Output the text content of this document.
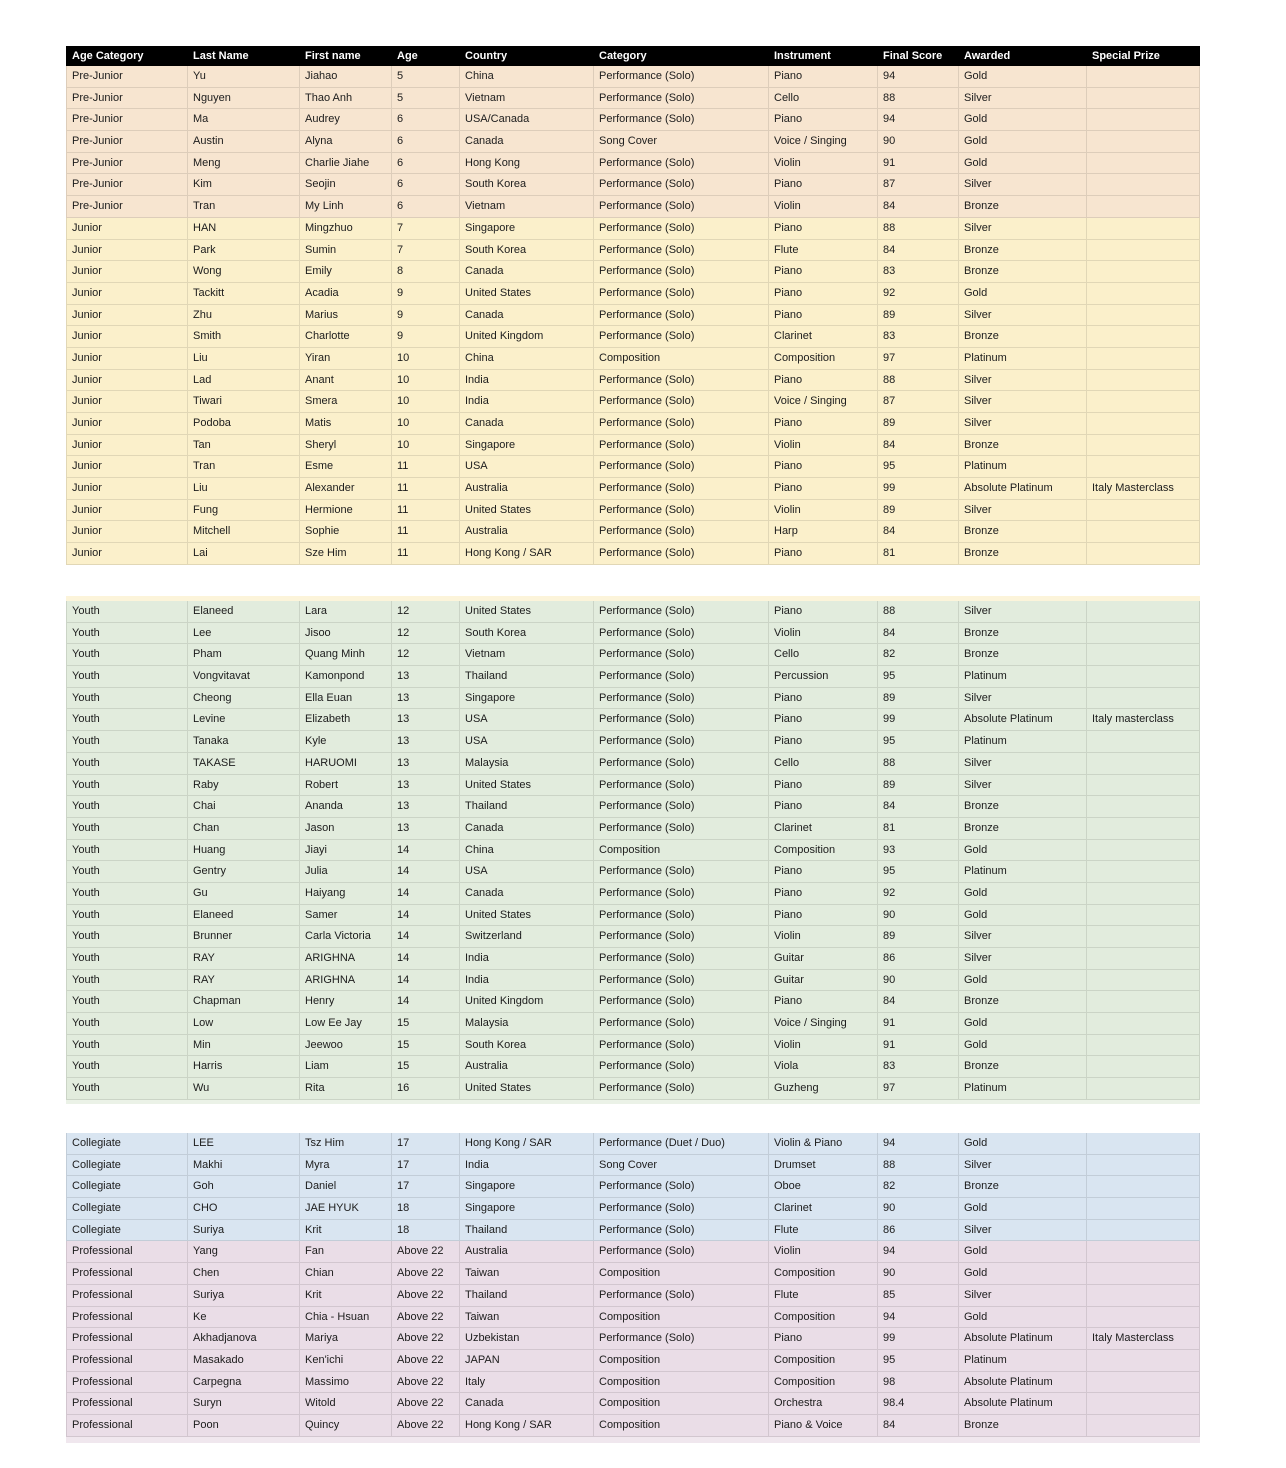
Age Category	Last Name	First name	Age	Country	Category	Instrument	Final Score	Awarded	Special Prize
Pre-Junior	Yu	Jiahao	5	China	Performance (Solo)	Piano	94	Gold
Pre-Junior	Nguyen	Thao Anh	5	Vietnam	Performance (Solo)	Cello	88	Silver
Pre-Junior	Ma	Audrey	6	USA/Canada	Performance (Solo)	Piano	94	Gold
Pre-Junior	Austin	Alyna	6	Canada	Song Cover	Voice / Singing	90	Gold
Pre-Junior	Meng	Charlie Jiahe	6	Hong Kong	Performance (Solo)	Violin	91	Gold
Pre-Junior	Kim	Seojin	6	South Korea	Performance (Solo)	Piano	87	Silver
Pre-Junior	Tran	My Linh	6	Vietnam	Performance (Solo)	Violin	84	Bronze
Junior	HAN	Mingzhuo	7	Singapore	Performance (Solo)	Piano	88	Silver
Junior	Park	Sumin	7	South Korea	Performance (Solo)	Flute	84	Bronze
Junior	Wong	Emily	8	Canada	Performance (Solo)	Piano	83	Bronze
Junior	Tackitt	Acadia	9	United States	Performance (Solo)	Piano	92	Gold
Junior	Zhu	Marius	9	Canada	Performance (Solo)	Piano	89	Silver
Junior	Smith	Charlotte	9	United Kingdom	Performance (Solo)	Clarinet	83	Bronze
Junior	Liu	Yiran	10	China	Composition	Composition	97	Platinum
Junior	Lad	Anant	10	India	Performance (Solo)	Piano	88	Silver
Junior	Tiwari	Smera	10	India	Performance (Solo)	Voice / Singing	87	Silver
Junior	Podoba	Matis	10	Canada	Performance (Solo)	Piano	89	Silver
Junior	Tan	Sheryl	10	Singapore	Performance (Solo)	Violin	84	Bronze
Junior	Tran	Esme	11	USA	Performance (Solo)	Piano	95	Platinum
Junior	Liu	Alexander	11	Australia	Performance (Solo)	Piano	99	Absolute Platinum	Italy Masterclass
Junior	Fung	Hermione	11	United States	Performance (Solo)	Violin	89	Silver
Junior	Mitchell	Sophie	11	Australia	Performance (Solo)	Harp	84	Bronze
Junior	Lai	Sze Him	11	Hong Kong / SAR	Performance (Solo)	Piano	81	Bronze
Youth	Elaneed	Lara	12	United States	Performance (Solo)	Piano	88	Silver
Youth	Lee	Jisoo	12	South Korea	Performance (Solo)	Violin	84	Bronze
Youth	Pham	Quang Minh	12	Vietnam	Performance (Solo)	Cello	82	Bronze
Youth	Vongvitavat	Kamonpond	13	Thailand	Performance (Solo)	Percussion	95	Platinum
Youth	Cheong	Ella Euan	13	Singapore	Performance (Solo)	Piano	89	Silver
Youth	Levine	Elizabeth	13	USA	Performance (Solo)	Piano	99	Absolute Platinum	Italy masterclass
Youth	Tanaka	Kyle	13	USA	Performance (Solo)	Piano	95	Platinum
Youth	TAKASE	HARUOMI	13	Malaysia	Performance (Solo)	Cello	88	Silver
Youth	Raby	Robert	13	United States	Performance (Solo)	Piano	89	Silver
Youth	Chai	Ananda	13	Thailand	Performance (Solo)	Piano	84	Bronze
Youth	Chan	Jason	13	Canada	Performance (Solo)	Clarinet	81	Bronze
Youth	Huang	Jiayi	14	China	Composition	Composition	93	Gold
Youth	Gentry	Julia	14	USA	Performance (Solo)	Piano	95	Platinum
Youth	Gu	Haiyang	14	Canada	Performance (Solo)	Piano	92	Gold
Youth	Elaneed	Samer	14	United States	Performance (Solo)	Piano	90	Gold
Youth	Brunner	Carla Victoria	14	Switzerland	Performance (Solo)	Violin	89	Silver
Youth	RAY	ARIGHNA	14	India	Performance (Solo)	Guitar	86	Silver
Youth	RAY	ARIGHNA	14	India	Performance (Solo)	Guitar	90	Gold
Youth	Chapman	Henry	14	United Kingdom	Performance (Solo)	Piano	84	Bronze
Youth	Low	Low Ee Jay	15	Malaysia	Performance (Solo)	Voice / Singing	91	Gold
Youth	Min	Jeewoo	15	South Korea	Performance (Solo)	Violin	91	Gold
Youth	Harris	Liam	15	Australia	Performance (Solo)	Viola	83	Bronze
Youth	Wu	Rita	16	United States	Performance (Solo)	Guzheng	97	Platinum
Collegiate	LEE	Tsz Him	17	Hong Kong / SAR	Performance (Duet / Duo)	Violin & Piano	94	Gold
Collegiate	Makhi	Myra	17	India	Song Cover	Drumset	88	Silver
Collegiate	Goh	Daniel	17	Singapore	Performance (Solo)	Oboe	82	Bronze
Collegiate	CHO	JAE HYUK	18	Singapore	Performance (Solo)	Clarinet	90	Gold
Collegiate	Suriya	Krit	18	Thailand	Performance (Solo)	Flute	86	Silver
Professional	Yang	Fan	Above 22	Australia	Performance (Solo)	Violin	94	Gold
Professional	Chen	Chian	Above 22	Taiwan	Composition	Composition	90	Gold
Professional	Suriya	Krit	Above 22	Thailand	Performance (Solo)	Flute	85	Silver
Professional	Ke	Chia - Hsuan	Above 22	Taiwan	Composition	Composition	94	Gold
Professional	Akhadjanova	Mariya	Above 22	Uzbekistan	Performance (Solo)	Piano	99	Absolute Platinum	Italy Masterclass
Professional	Masakado	Ken'ichi	Above 22	JAPAN	Composition	Composition	95	Platinum
Professional	Carpegna	Massimo	Above 22	Italy	Composition	Composition	98	Absolute Platinum
Professional	Suryn	Witold	Above 22	Canada	Composition	Orchestra	98.4	Absolute Platinum
Professional	Poon	Quincy	Above 22	Hong Kong / SAR	Composition	Piano & Voice	84	Bronze
